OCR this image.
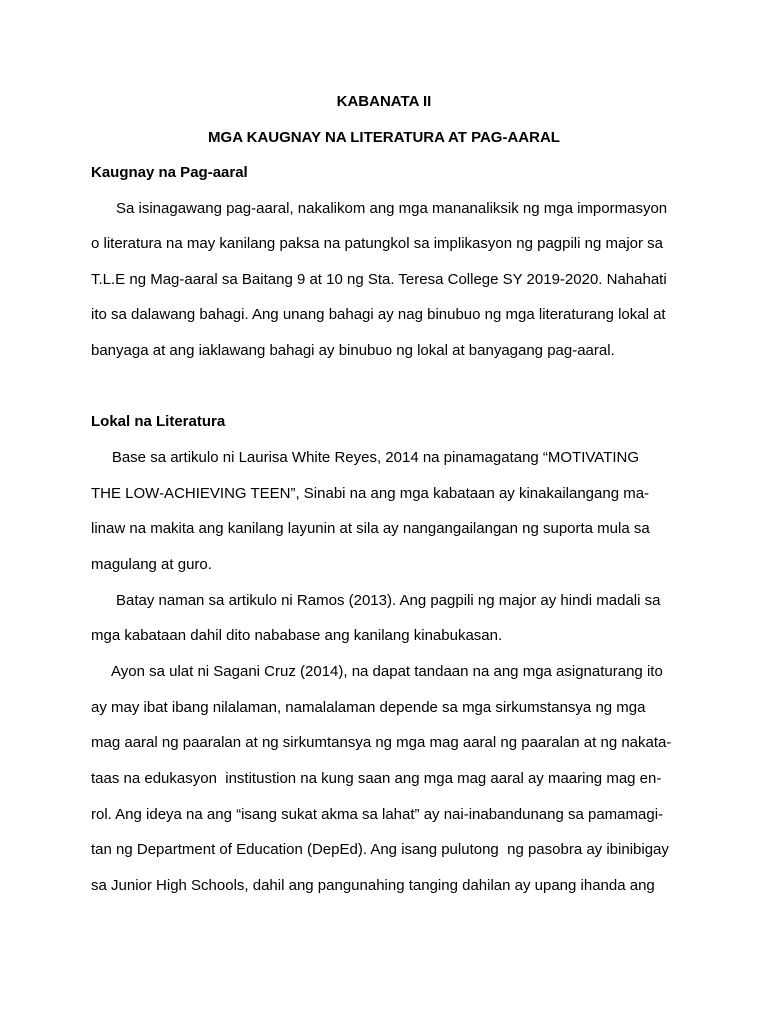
KABANATA II
MGA KAUGNAY NA LITERATURA AT PAG-AARAL
Kaugnay na Pag-aaral
Sa isinagawang pag-aaral, nakalikom ang mga mananaliksik ng mga impormasyon
o literatura na may kanilang paksa na patungkol sa implikasyon ng pagpili ng major sa
T.L.E ng Mag-aaral sa Baitang 9 at 10 ng Sta. Teresa College SY 2019-2020. Nahahati
ito sa dalawang bahagi. Ang unang bahagi ay nag binubuo ng mga literaturang lokal at
banyaga at ang iaklawang bahagi ay binubuo ng lokal at banyagang pag-aaral.
Lokal na Literatura
Base sa artikulo ni Laurisa White Reyes, 2014 na pinamagatang “MOTIVATING
THE LOW-ACHIEVING TEEN”, Sinabi na ang mga kabataan ay kinakailangang ma-
linaw na makita ang kanilang layunin at sila ay nangangailangan ng suporta mula sa
magulang at guro.
Batay naman sa artikulo ni Ramos (2013). Ang pagpili ng major ay hindi madali sa
mga kabataan dahil dito nababase ang kanilang kinabukasan.
Ayon sa ulat ni Sagani Cruz (2014), na dapat tandaan na ang mga asignaturang ito
ay may ibat ibang nilalaman, namalalaman depende sa mga sirkumstansya ng mga
mag aaral ng paaralan at ng sirkumtansya ng mga mag aaral ng paaralan at ng nakata-
taas na edukasyon  institustion na kung saan ang mga mag aaral ay maaring mag en-
rol. Ang ideya na ang “isang sukat akma sa lahat” ay nai-inabandunang sa pamamagi-
tan ng Department of Education (DepEd). Ang isang pulutong  ng pasobra ay ibinibigay
sa Junior High Schools, dahil ang pangunahing tanging dahilan ay upang ihanda ang
